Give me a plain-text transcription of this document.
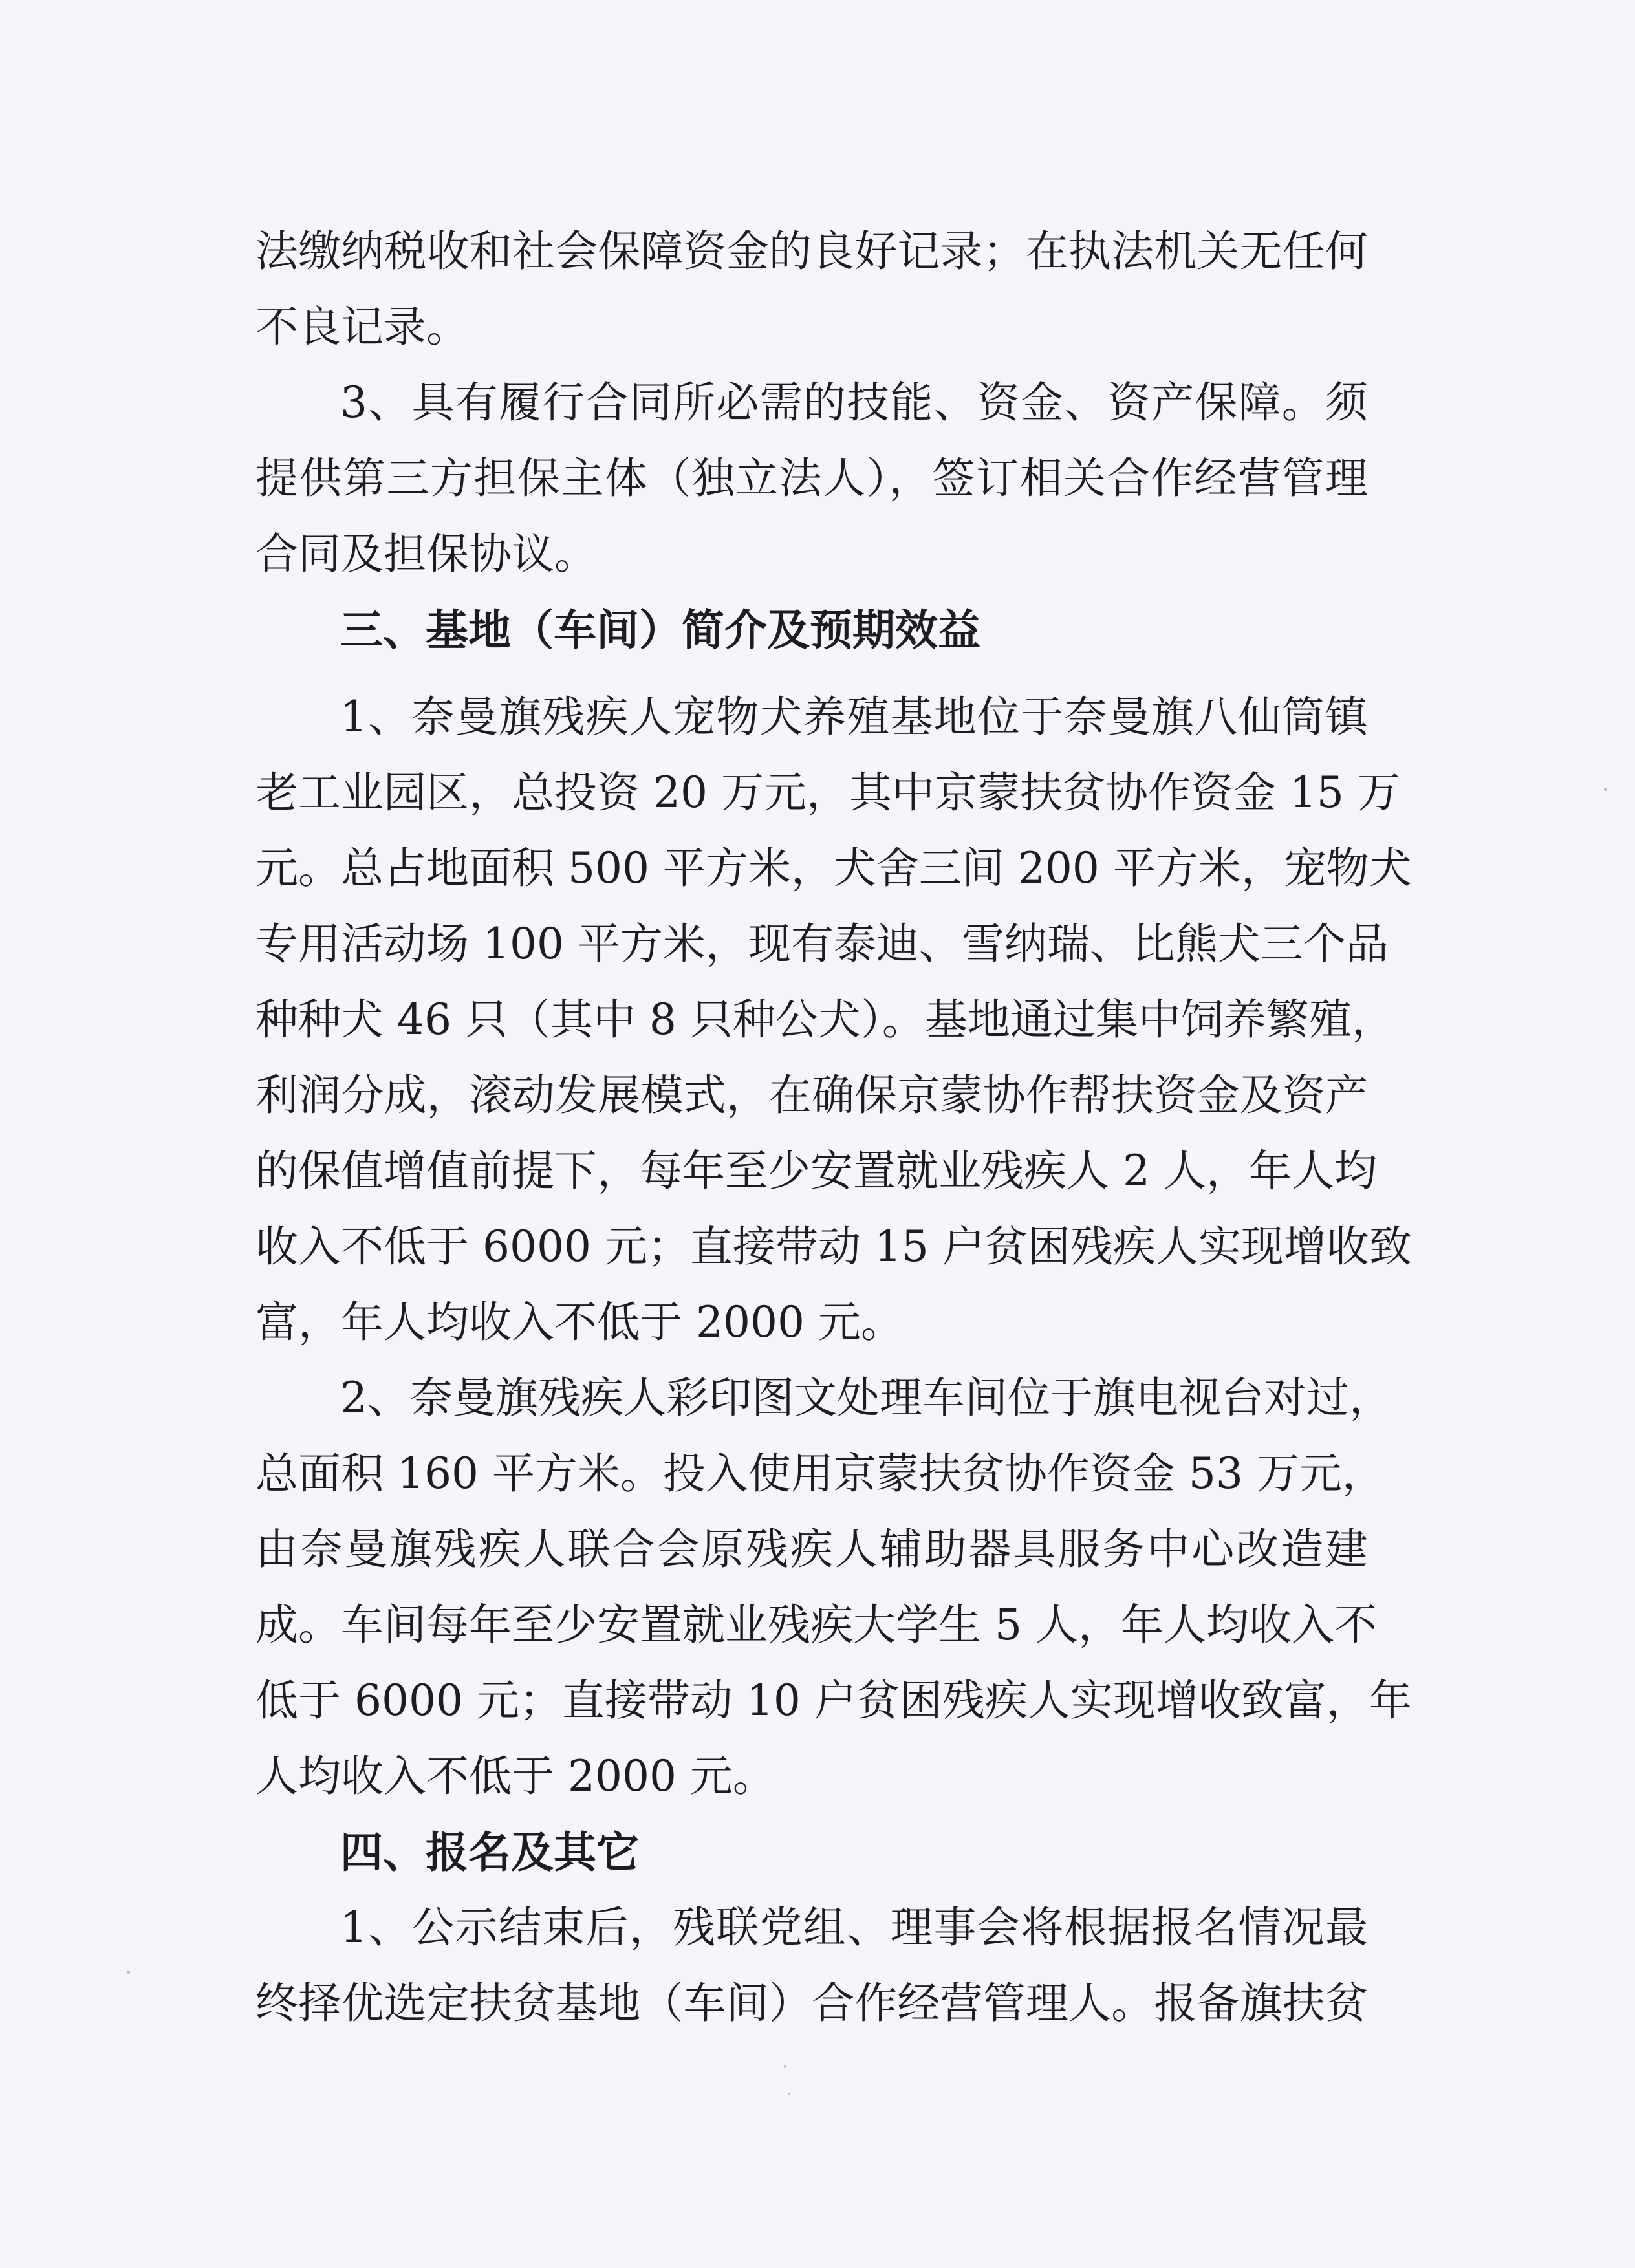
法缴纳税收和社会保障资金的良好记录；在执法机关无任何

不良记录。

3、具有履行合同所必需的技能、资金、资产保障。须

提供第三方担保主体（独立法人），签订相关合作经营管理

合同及担保协议。

三、基地（车间）简介及预期效益

1、奈曼旗残疾人宠物犬养殖基地位于奈曼旗八仙筒镇

老工业园区，总投资 20 万元，其中京蒙扶贫协作资金 15 万

元。总占地面积 500 平方米，犬舍三间 200 平方米，宠物犬

专用活动场 100 平方米，现有泰迪、雪纳瑞、比熊犬三个品

种种犬 46 只（其中 8 只种公犬）。基地通过集中饲养繁殖，

利润分成，滚动发展模式，在确保京蒙协作帮扶资金及资产

的保值增值前提下，每年至少安置就业残疾人 2 人，年人均

收入不低于 6000 元；直接带动 15 户贫困残疾人实现增收致

富，年人均收入不低于 2000 元。

2、奈曼旗残疾人彩印图文处理车间位于旗电视台对过，

总面积 160 平方米。投入使用京蒙扶贫协作资金 53 万元，

由奈曼旗残疾人联合会原残疾人辅助器具服务中心改造建

成。车间每年至少安置就业残疾大学生 5 人，年人均收入不

低于 6000 元；直接带动 10 户贫困残疾人实现增收致富，年

人均收入不低于 2000 元。

四、报名及其它

1、公示结束后，残联党组、理事会将根据报名情况最

终择优选定扶贫基地（车间）合作经营管理人。报备旗扶贫
